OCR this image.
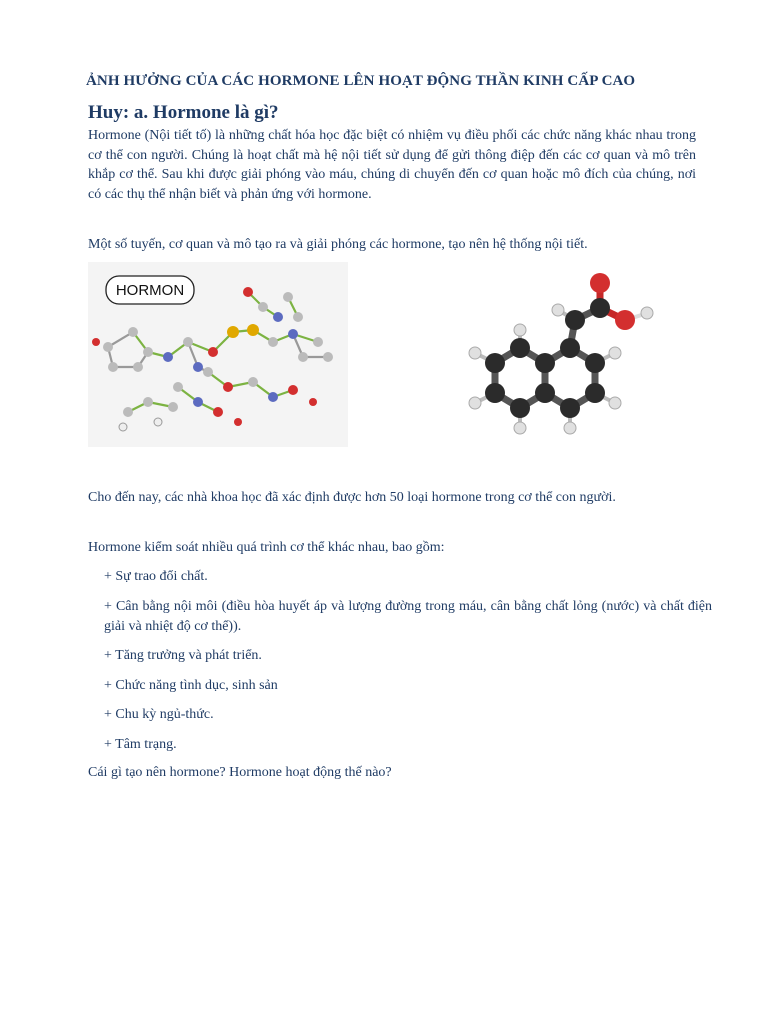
ẢNH HƯỞNG CỦA CÁC HORMONE LÊN HOẠT ĐỘNG THẦN KINH CẤP CAO
Huy: a. Hormone là gì?
Hormone (Nội tiết tố) là những chất hóa học đặc biệt có nhiệm vụ điều phối các chức năng khác nhau trong cơ thể con người. Chúng là hoạt chất mà hệ nội tiết sử dụng để gửi thông điệp đến các cơ quan và mô trên khắp cơ thể. Sau khi được giải phóng vào máu, chúng di chuyển đến cơ quan hoặc mô đích của chúng, nơi có các thụ thể nhận biết và phản ứng với hormone.
Một số tuyến, cơ quan và mô tạo ra và giải phóng các hormone, tạo nên hệ thống nội tiết.
HORMON
Cho đến nay, các nhà khoa học đã xác định được hơn 50 loại hormone trong cơ thể con người.
Hormone kiểm soát nhiều quá trình cơ thể khác nhau, bao gồm:
+ Sự trao đổi chất.
+ Cân bằng nội môi (điều hòa huyết áp và lượng đường trong máu, cân bằng chất lỏng (nước) và chất điện giải và nhiệt độ cơ thể)).
+ Tăng trưởng và phát triển.
+ Chức năng tình dục, sinh sản
+ Chu kỳ ngủ-thức.
+ Tâm trạng.
Cái gì tạo nên hormone? Hormone hoạt động thế nào?
